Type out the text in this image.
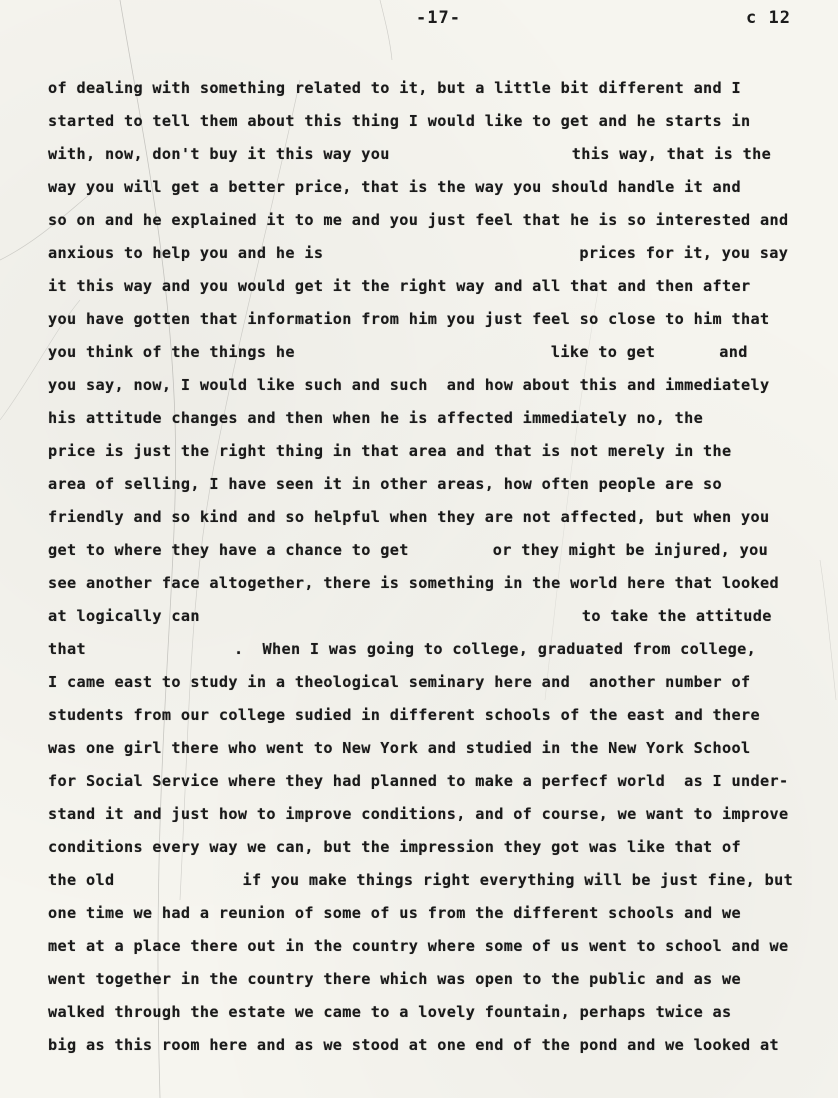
-17-	c 12
of dealing with something related to it, but a little bit different and I
started to tell them about this thing I would like to get and he starts in
with, now, don't buy it this way you	this way, that is the
way you will get a better price, that is the way you should handle it and
so on and he explained it to me and you just feel that he is so interested and
anxious to help you and he is	prices for it, you say
it this way and you would get it the right way and all that and then after
you have gotten that information from him you just feel so close to him that
you think of the things he	like to get	and
you say, now, I would like such and such  and how about this and immediately
his attitude changes and then when he is affected immediately no, the
price is just the right thing in that area and that is not merely in the
area of selling, I have seen it in other areas, how often people are so
friendly and so kind and so helpful when they are not affected, but when you
get to where they have a chance to get	or they might be injured, you
see another face altogether, there is something in the world here that looked
at logically can	to take the attitude
that	.  When I was going to college, graduated from college,
I came east to study in a theological seminary here and  another number of
students from our college sudied in different schools of the east and there
was one girl there who went to New York and studied in the New York School
for Social Service where they had planned to make a perfecf world  as I under-
stand it and just how to improve conditions, and of course, we want to improve
conditions every way we can, but the impression they got was like that of
the old	if you make things right everything will be just fine, but
one time we had a reunion of some of us from the different schools and we
met at a place there out in the country where some of us went to school and we
went together in the country there which was open to the public and as we
walked through the estate we came to a lovely fountain, perhaps twice as
big as this room here and as we stood at one end of the pond and we looked at
